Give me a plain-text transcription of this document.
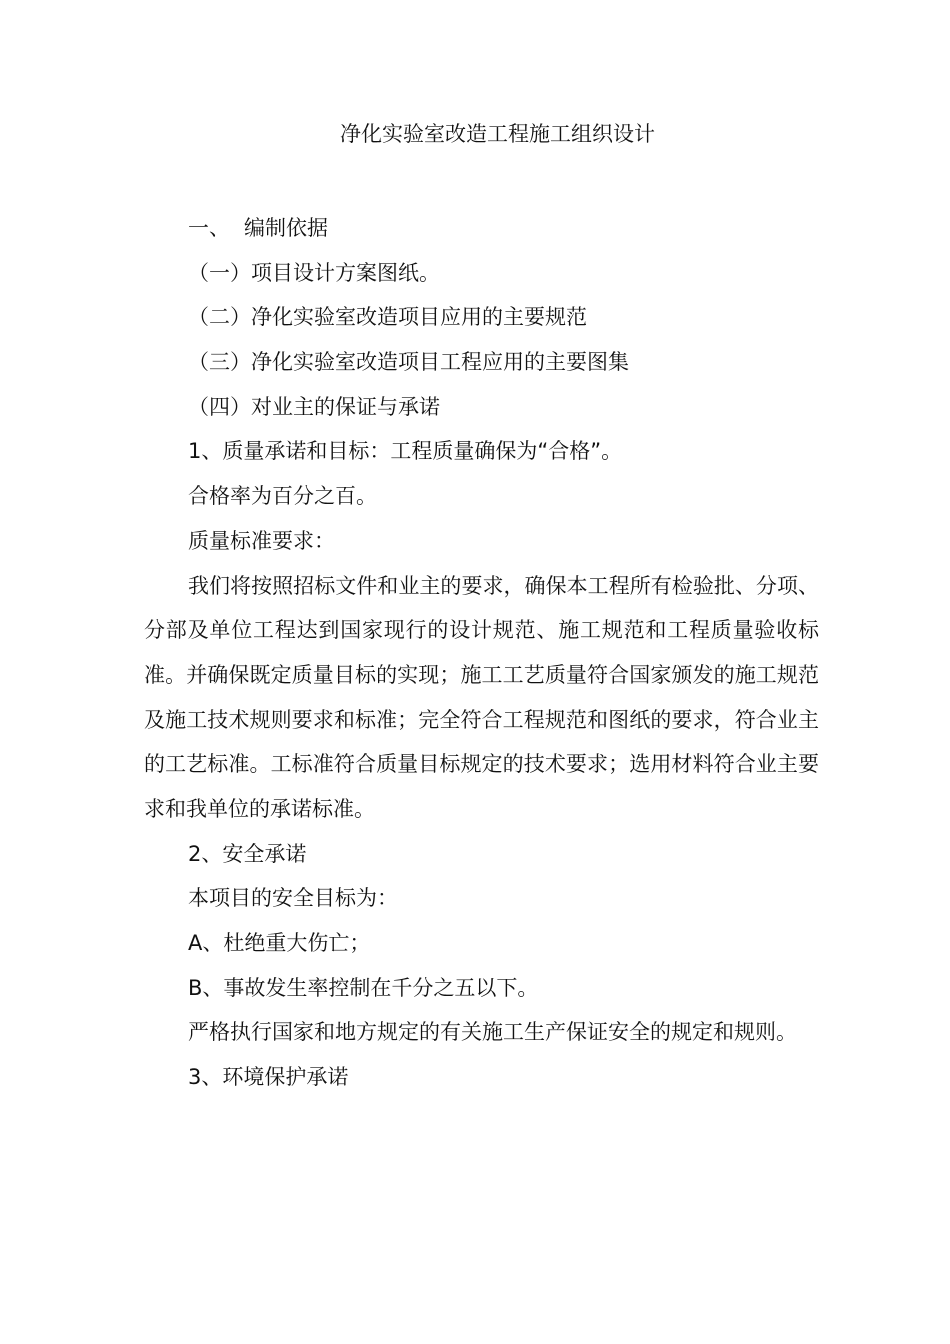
净化实验室改造工程施工组织设计
一、 编制依据
（一）项目设计方案图纸。
（二）净化实验室改造项目应用的主要规范
（三）净化实验室改造项目工程应用的主要图集
（四）对业主的保证与承诺
1、质量承诺和目标：工程质量确保为“合格”。
合格率为百分之百。
质量标准要求：
我们将按照招标文件和业主的要求，确保本工程所有检验批、分项、分部及单位工程达到国家现行的设计规范、施工规范和工程质量验收标准。并确保既定质量目标的实现；施工工艺质量符合国家颁发的施工规范及施工技术规则要求和标准；完全符合工程规范和图纸的要求，符合业主的工艺标准。工标准符合质量目标规定的技术要求；选用材料符合业主要求和我单位的承诺标准。
2、安全承诺
本项目的安全目标为：
A、杜绝重大伤亡；
B、事故发生率控制在千分之五以下。
严格执行国家和地方规定的有关施工生产保证安全的规定和规则。
3、环境保护承诺
